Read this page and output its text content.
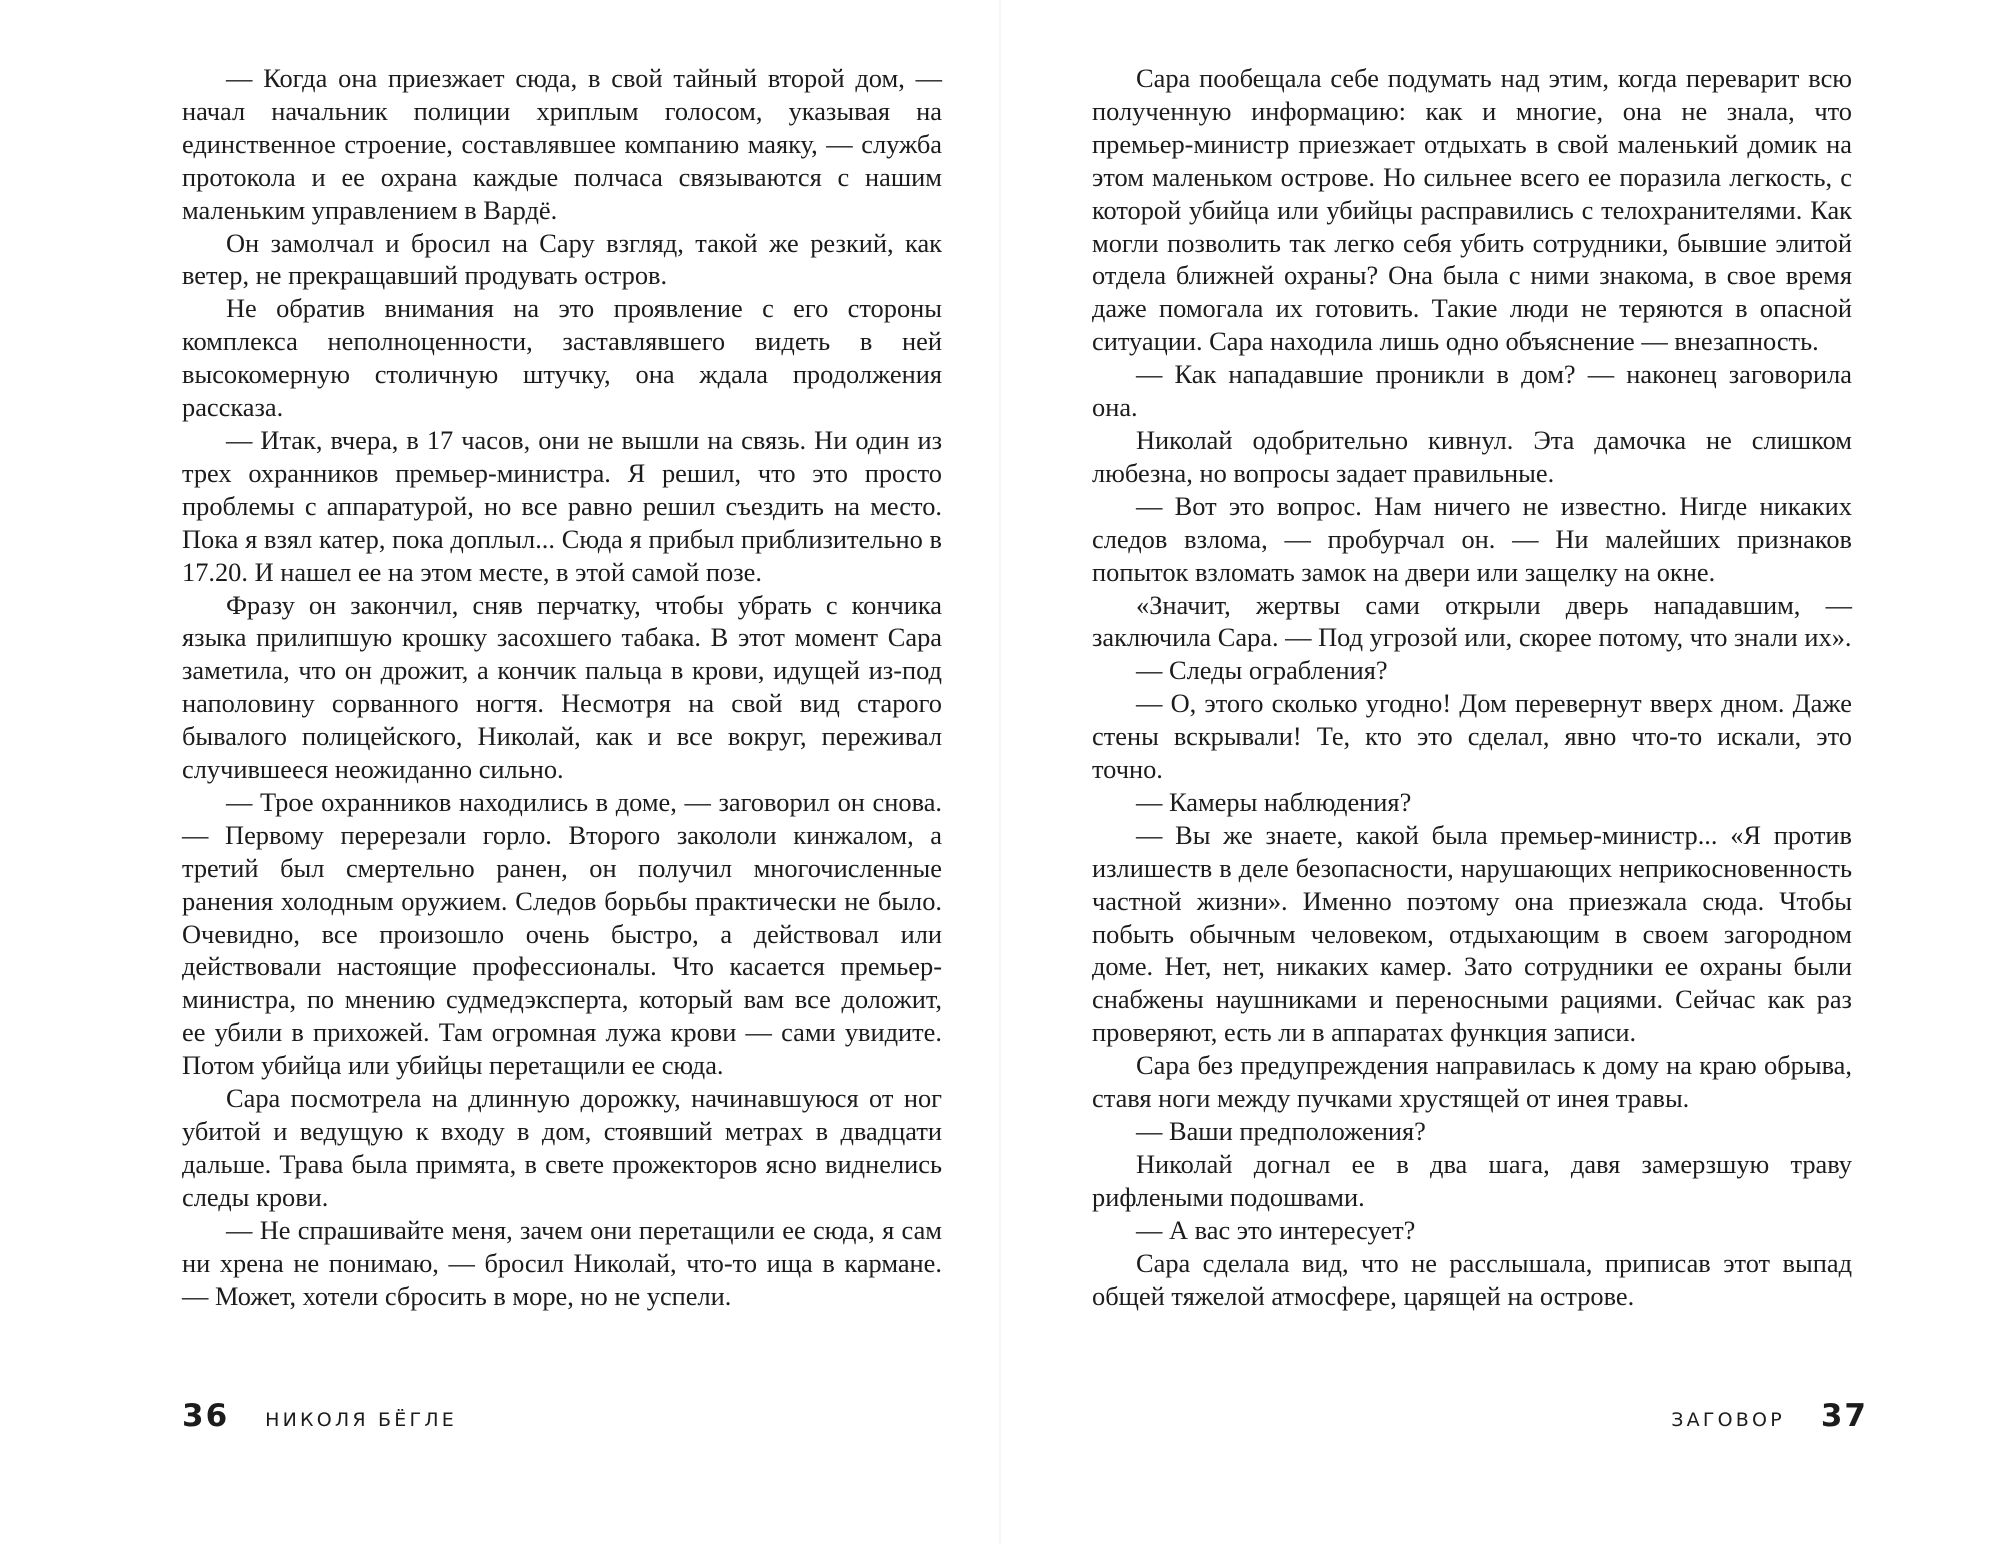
— Когда она приезжает сюда, в свой тайный второй дом, — начал начальник полиции хриплым голосом, указывая на единственное строение, составлявшее компанию маяку, — служба протокола и ее охрана каждые полчаса связываются с нашим маленьким управлением в Вардё.

Он замолчал и бросил на Сару взгляд, такой же резкий, как ветер, не прекращавший продувать остров.

Не обратив внимания на это проявление с его стороны комплекса неполноценности, заставлявшего видеть в ней высокомерную столичную штучку, она ждала продолжения рассказа.

— Итак, вчера, в 17 часов, они не вышли на связь. Ни один из трех охранников премьер-министра. Я решил, что это просто проблемы с аппаратурой, но все равно решил съездить на место. Пока я взял катер, пока доплыл... Сюда я прибыл приблизительно в 17.20. И нашел ее на этом месте, в этой самой позе.

Фразу он закончил, сняв перчатку, чтобы убрать с кончика языка прилипшую крошку засохшего табака. В этот момент Сара заметила, что он дрожит, а кончик пальца в крови, идущей из-под наполовину сорванного ногтя. Несмотря на свой вид старого бывалого полицейского, Николай, как и все вокруг, переживал случившееся неожиданно сильно.

— Трое охранников находились в доме, — заговорил он снова. — Первому перерезали горло. Второго закололи кинжалом, а третий был смертельно ранен, он получил многочисленные ранения холодным оружием. Следов борьбы практически не было. Очевидно, все произошло очень быстро, а действовал или действовали настоящие профессионалы. Что касается премьер-министра, по мнению судмедэксперта, который вам все доложит, ее убили в прихожей. Там огромная лужа крови — сами увидите. Потом убийца или убийцы перетащили ее сюда.

Сара посмотрела на длинную дорожку, начинавшуюся от ног убитой и ведущую к входу в дом, стоявший метрах в двадцати дальше. Трава была примята, в свете прожекторов ясно виднелись следы крови.

— Не спрашивайте меня, зачем они перетащили ее сюда, я сам ни хрена не понимаю, — бросил Николай, что-то ища в кармане. — Может, хотели сбросить в море, но не успели.

Сара пообещала себе подумать над этим, когда переварит всю полученную информацию: как и многие, она не знала, что премьер-министр приезжает отдыхать в свой маленький домик на этом маленьком острове. Но сильнее всего ее поразила легкость, с которой убийца или убийцы расправились с телохранителями. Как могли позволить так легко себя убить сотрудники, бывшие элитой отдела ближней охраны? Она была с ними знакома, в свое время даже помогала их готовить. Такие люди не теряются в опасной ситуации. Сара находила лишь одно объяснение — внезапность.

— Как нападавшие проникли в дом? — наконец заговорила она.

Николай одобрительно кивнул. Эта дамочка не слишком любезна, но вопросы задает правильные.

— Вот это вопрос. Нам ничего не известно. Нигде никаких следов взлома, — пробурчал он. — Ни малейших признаков попыток взломать замок на двери или защелку на окне.

«Значит, жертвы сами открыли дверь нападавшим, — заключила Сара. — Под угрозой или, скорее потому, что знали их».

— Следы ограбления?

— О, этого сколько угодно! Дом перевернут вверх дном. Даже стены вскрывали! Те, кто это сделал, явно что-то искали, это точно.

— Камеры наблюдения?

— Вы же знаете, какой была премьер-министр... «Я против излишеств в деле безопасности, нарушающих неприкосновенность частной жизни». Именно поэтому она приезжала сюда. Чтобы побыть обычным человеком, отдыхающим в своем загородном доме. Нет, нет, никаких камер. Зато сотрудники ее охраны были снабжены наушниками и переносными рациями. Сейчас как раз проверяют, есть ли в аппаратах функция записи.

Сара без предупреждения направилась к дому на краю обрыва, ставя ноги между пучками хрустящей от инея травы.

— Ваши предположения?

Николай догнал ее в два шага, давя замерзшую траву рифлеными подошвами.

— А вас это интересует?

Сара сделала вид, что не расслышала, приписав этот выпад общей тяжелой атмосфере, царящей на острове.

36 НИКОЛЯ БЁГЛЕ	ЗАГОВОР 37
